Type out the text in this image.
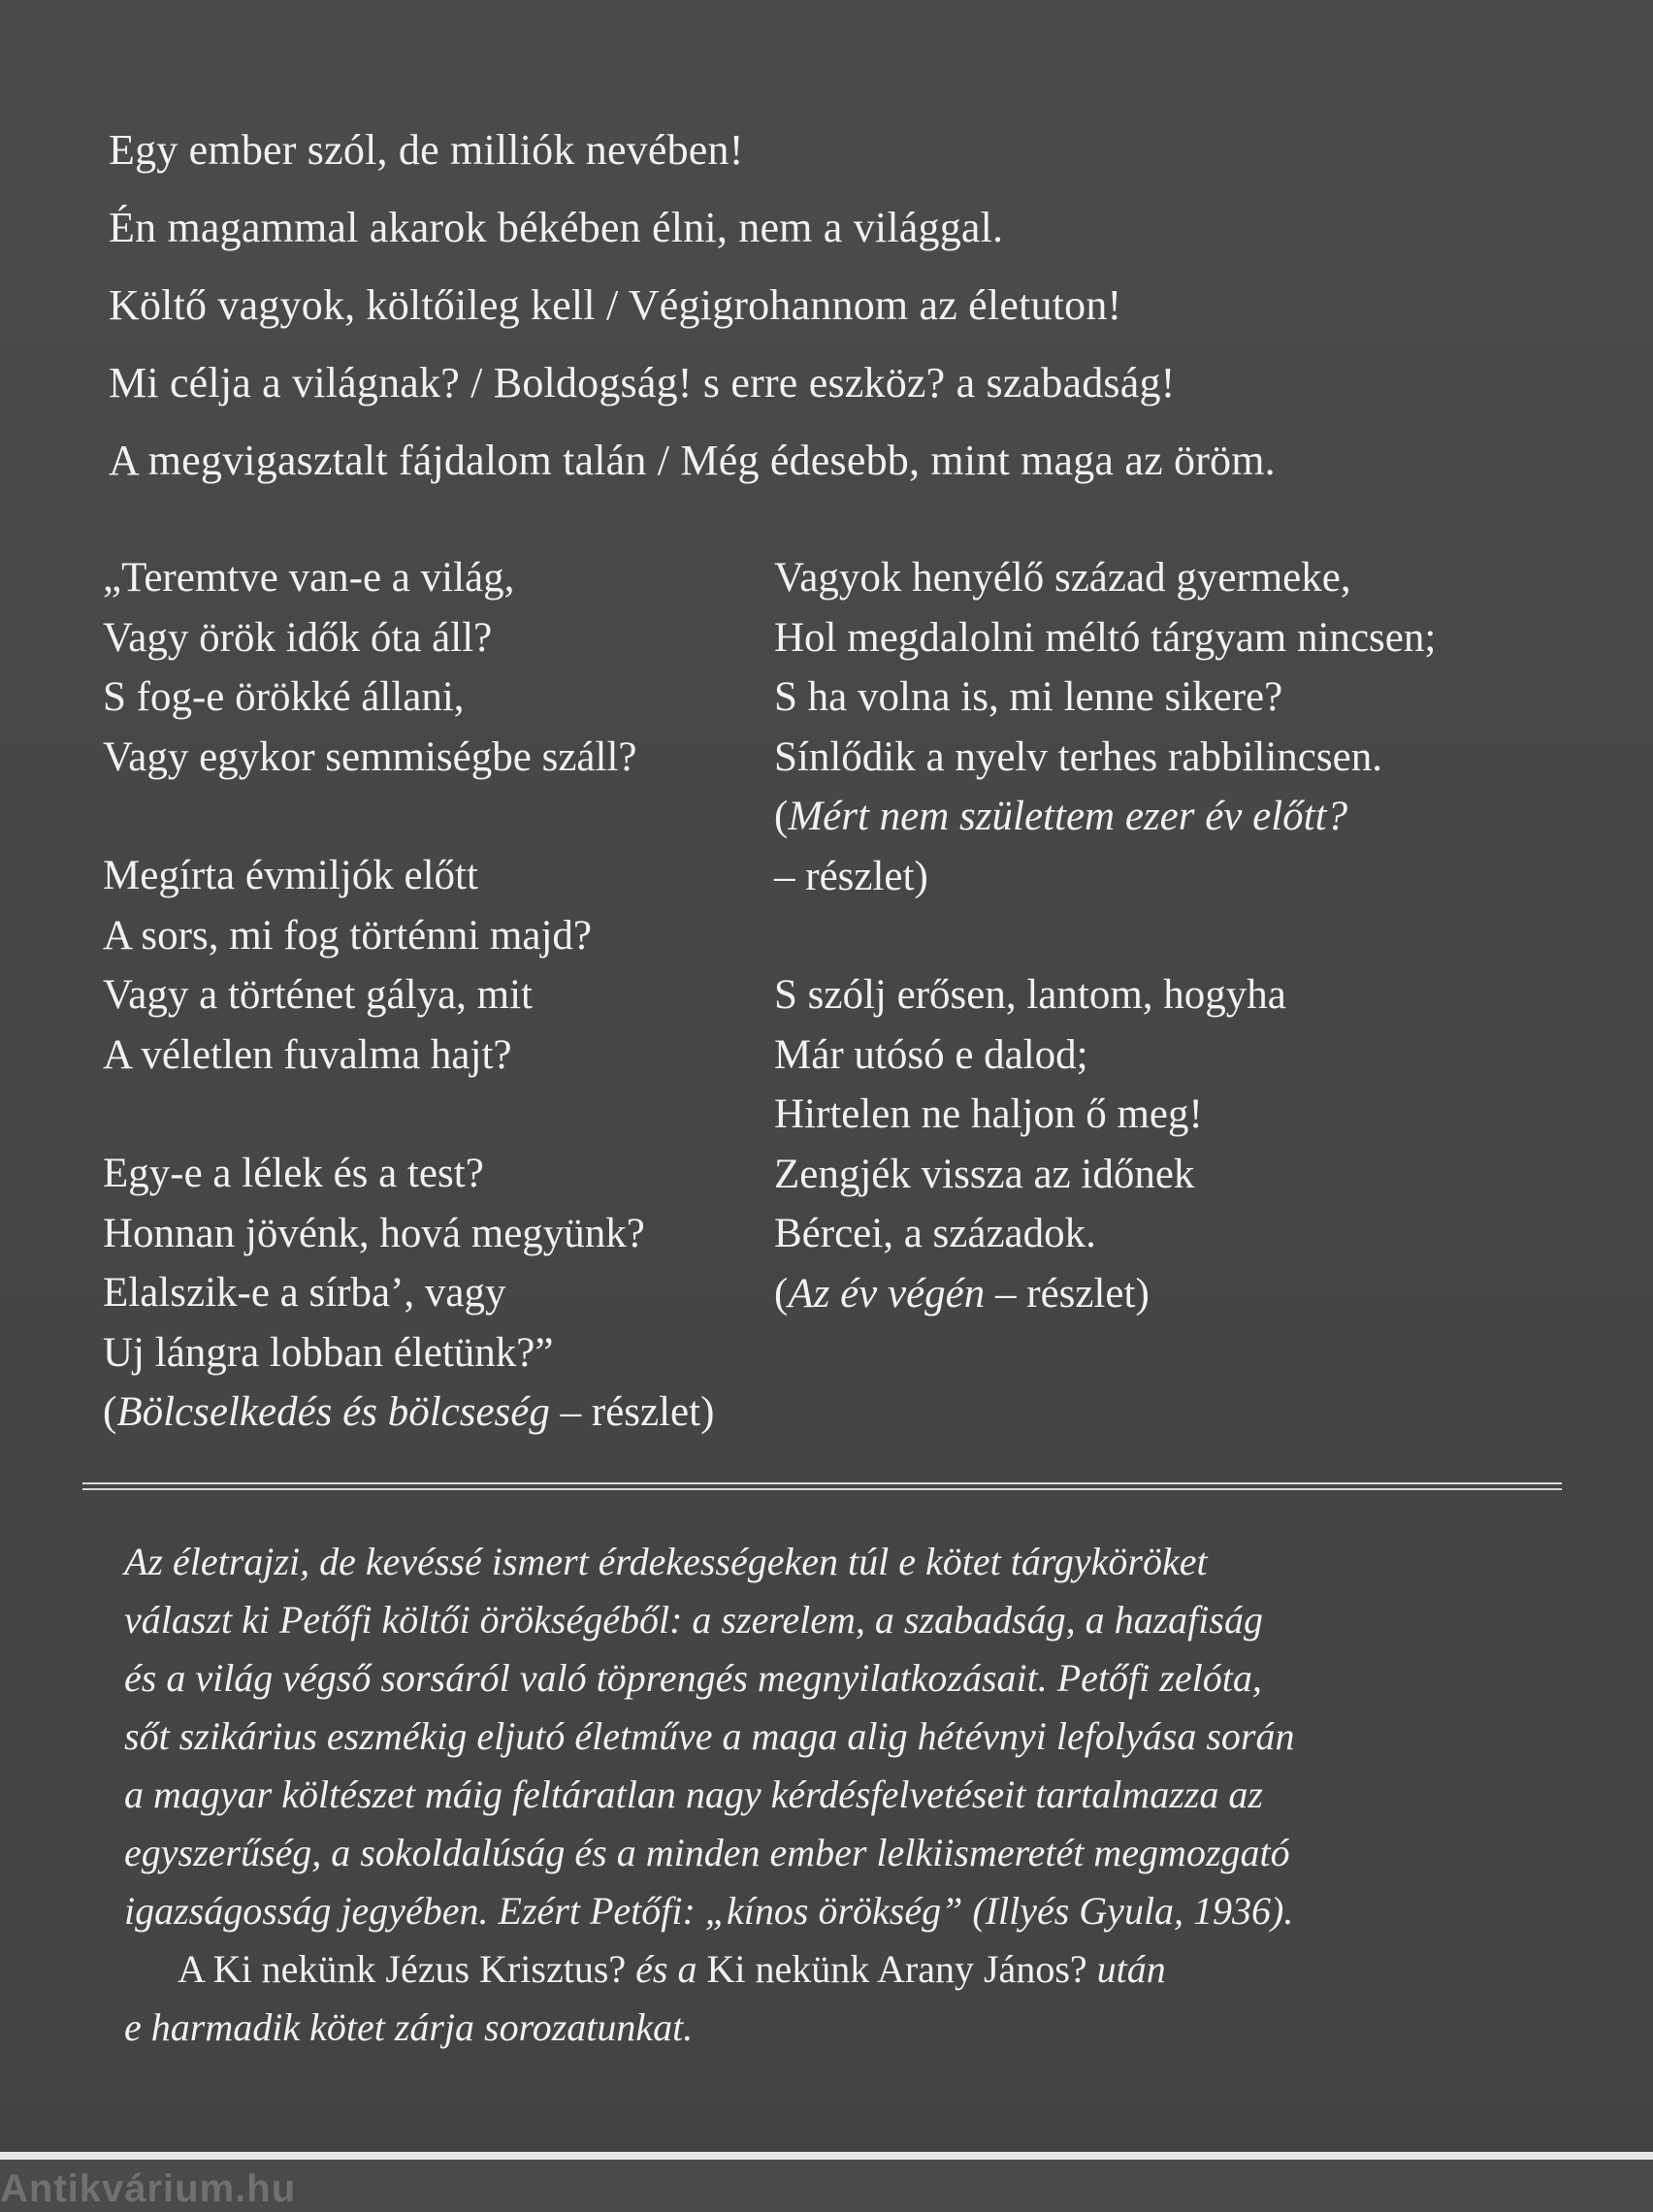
Egy ember szól, de milliók nevében!
Én magammal akarok békében élni, nem a világgal.
Költő vagyok, költőileg kell / Végigrohannom az életuton!
Mi célja a világnak? / Boldogság! s erre eszköz? a szabadság!
A megvigasztalt fájdalom talán / Még édesebb, mint maga az öröm.
„Teremtve van-e a világ,
Vagy örök idők óta áll?
S fog-e örökké állani,
Vagy egykor semmiségbe száll?
Megírta évmiljók előtt
A sors, mi fog történni majd?
Vagy a történet gálya, mit
A véletlen fuvalma hajt?
Egy-e a lélek és a test?
Honnan jövénk, hová megyünk?
Elalszik-e a sírba’, vagy
Uj lángra lobban életünk?”
(Bölcselkedés és bölcseség – részlet)
Vagyok henyélő század gyermeke,
Hol megdalolni méltó tárgyam nincsen;
S ha volna is, mi lenne sikere?
Sínlődik a nyelv terhes rabbilincsen.
(Mért nem születtem ezer év előtt?
– részlet)
S szólj erősen, lantom, hogyha
Már utósó e dalod;
Hirtelen ne haljon ő meg!
Zengjék vissza az időnek
Bércei, a századok.
(Az év végén – részlet)
Az életrajzi, de kevéssé ismert érdekességeken túl e kötet tárgyköröket
választ ki Petőfi költői örökségéből: a szerelem, a szabadság, a hazafiság
és a világ végső sorsáról való töprengés megnyilatkozásait. Petőfi zelóta,
sőt szikárius eszmékig eljutó életműve a maga alig hétévnyi lefolyása során
a magyar költészet máig feltáratlan nagy kérdésfelvetéseit tartalmazza az
egyszerűség, a sokoldalúság és a minden ember lelkiismeretét megmozgató
igazságosság jegyében. Ezért Petőfi: „kínos örökség” (Illyés Gyula, 1936).
A Ki nekünk Jézus Krisztus? és a Ki nekünk Arany János? után
e harmadik kötet zárja sorozatunkat.
Antikvárium.hu
